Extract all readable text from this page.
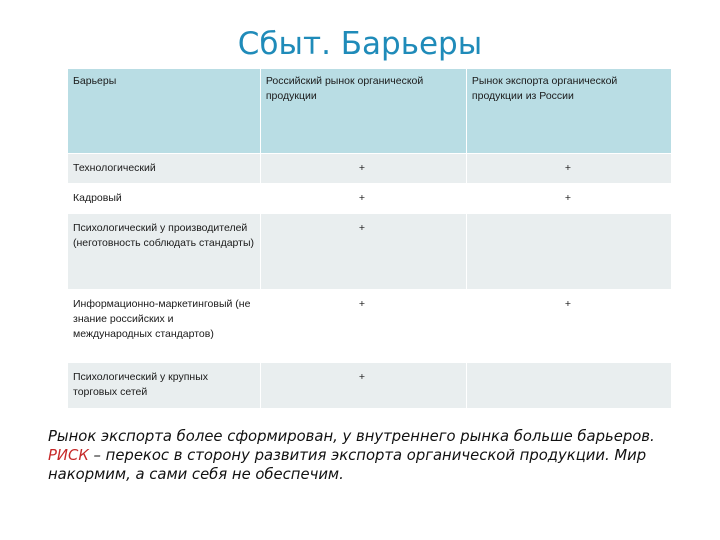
Сбыт. Барьеры
Барьеры	Российский рынок органической продукции	Рынок экспорта органической продукции из России
Технологический	+	+
Кадровый	+	+
Психологический у производителей (неготовность соблюдать стандарты)	+	
Информационно-маркетинговый (не знание российских и международных стандартов)	+	+
Психологический у крупных торговых сетей	+	
Рынок экспорта более сформирован, у внутреннего рынка больше барьеров.
РИСК – перекос в сторону развития экспорта органической продукции. Мир накормим, а сами себя не обеспечим.
